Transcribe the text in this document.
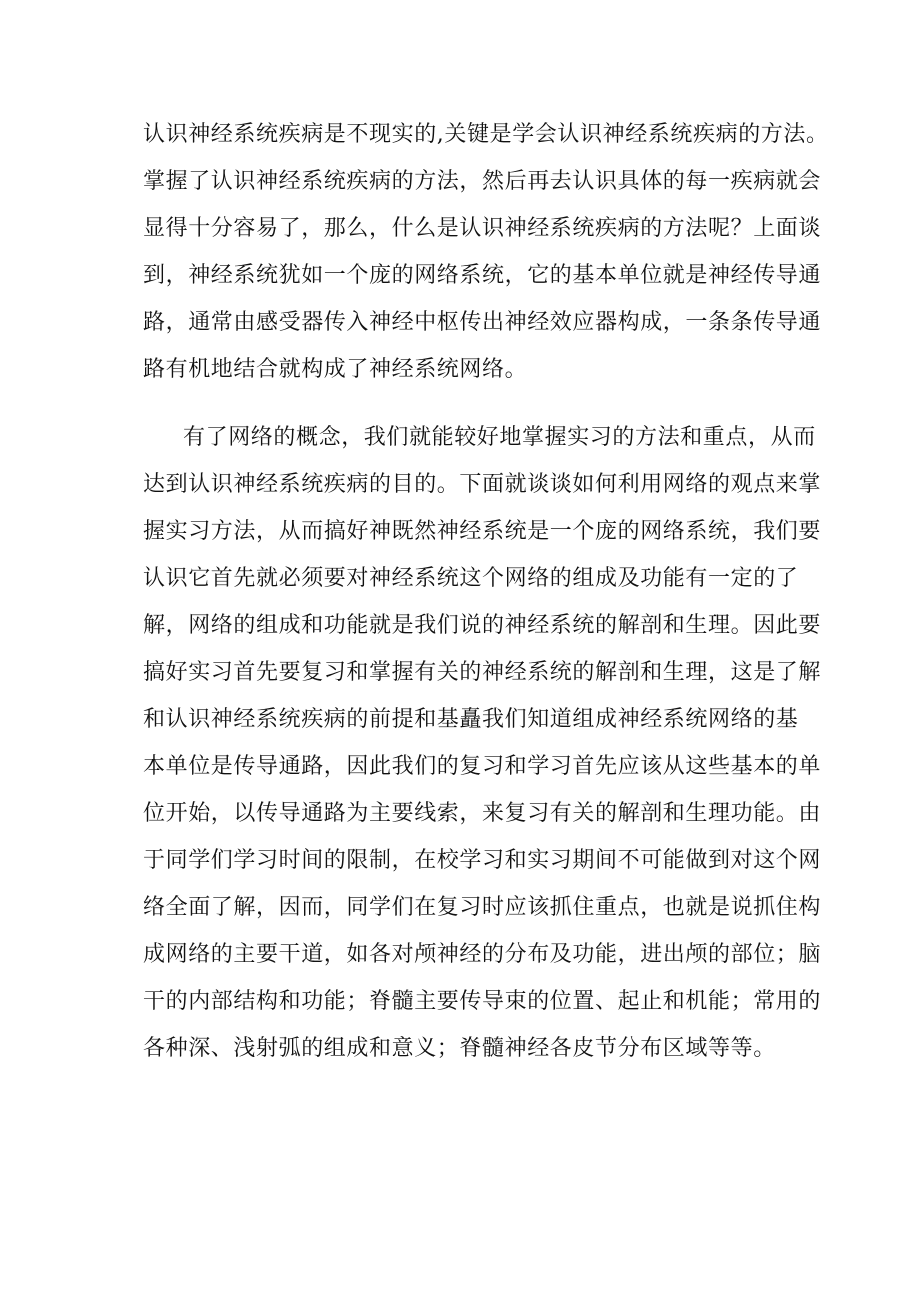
认识神经系统疾病是不现实的,关键是学会认识神经系统疾病的方法。
掌握了认识神经系统疾病的方法，然后再去认识具体的每一疾病就会
显得十分容易了，那么，什么是认识神经系统疾病的方法呢？上面谈
到，神经系统犹如一个庞的网络系统，它的基本单位就是神经传导通
路，通常由感受器传入神经中枢传出神经效应器构成，一条条传导通
路有机地结合就构成了神经系统网络。
有了网络的概念，我们就能较好地掌握实习的方法和重点，从而
达到认识神经系统疾病的目的。下面就谈谈如何利用网络的观点来掌
握实习方法，从而搞好神既然神经系统是一个庞的网络系统，我们要
认识它首先就必须要对神经系统这个网络的组成及功能有一定的了
解，网络的组成和功能就是我们说的神经系统的解剖和生理。因此要
搞好实习首先要复习和掌握有关的神经系统的解剖和生理，这是了解
和认识神经系统疾病的前提和基矗我们知道组成神经系统网络的基
本单位是传导通路，因此我们的复习和学习首先应该从这些基本的单
位开始，以传导通路为主要线索，来复习有关的解剖和生理功能。由
于同学们学习时间的限制，在校学习和实习期间不可能做到对这个网
络全面了解，因而，同学们在复习时应该抓住重点，也就是说抓住构
成网络的主要干道，如各对颅神经的分布及功能，进出颅的部位；脑
干的内部结构和功能；脊髓主要传导束的位置、起止和机能；常用的
各种深、浅射弧的组成和意义；脊髓神经各皮节分布区域等等。
